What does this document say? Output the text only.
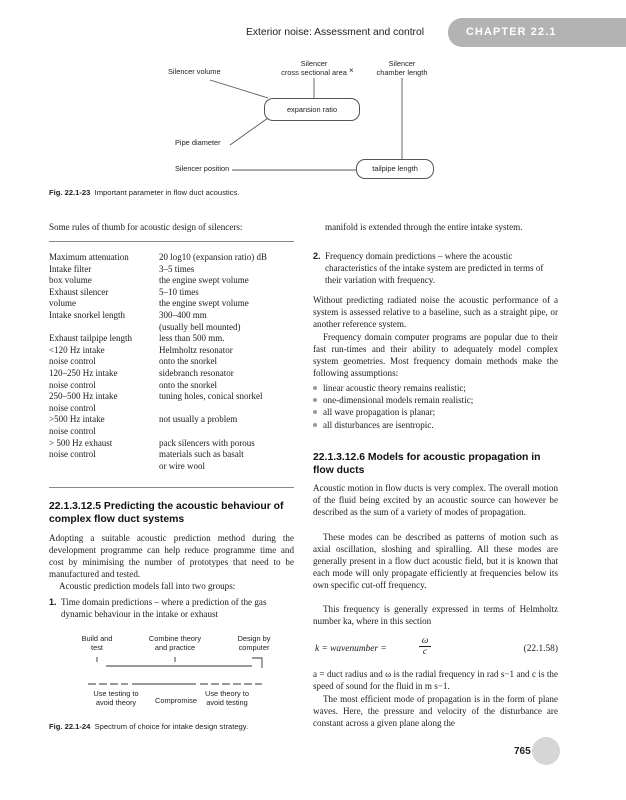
Exterior noise: Assessment and control	CHAPTER 22.1
Silencer volume
Silencer
cross sectional area ×
Silencer
chamber length
expansion ratio
Pipe diameter
Silencer position	tailpipe length
Fig. 22.1-23 Important parameter in flow duct acoustics.
Some rules of thumb for acoustic design of silencers:
Maximum attenuation	20 log10 (expansion ratio) dB
Intake filter	3–5 times
box volume	the engine swept volume
Exhaust silencer	5–10 times
volume	the engine swept volume
Intake snorkel length	300–400 mm
(usually bell mounted)
Exhaust tailpipe length	less than 500 mm.
<120 Hz intake	Helmholtz resonator
noise control	onto the snorkel
120–250 Hz intake	sidebranch resonator
noise control	onto the snorkel
250–500 Hz intake	tuning holes, conical snorkel
noise control
>500 Hz intake	not usually a problem
noise control
> 500 Hz exhaust	pack silencers with porous
noise control	materials such as basalt
or wire wool
22.1.3.12.5 Predicting the acoustic behaviour of complex flow duct systems
Adopting a suitable acoustic prediction method during the development programme can help reduce programme time and cost by minimising the number of prototypes that need to be manufactured and tested.
Acoustic prediction models fall into two groups:
1. Time domain predictions – where a prediction of the gas dynamic behaviour in the intake or exhaust
Build and
test
Combine theory
and practice
Design by
computer
Use testing to
avoid theory	Compromise
Use theory to
avoid testing
Fig. 22.1-24 Spectrum of choice for intake design strategy.
manifold is extended through the entire intake system.
2. Frequency domain predictions – where the acoustic characteristics of the intake system are predicted in terms of their variation with frequency.
Without predicting radiated noise the acoustic performance of a system is assessed relative to a baseline, such as a straight pipe, or another reference system.
Frequency domain computer programs are popular due to their fast run-times and their ability to adequately model complex system geometries. Most frequency domain methods make the following assumptions:
linear acoustic theory remains realistic;
one-dimensional models remain realistic;
all wave propagation is planar;
all disturbances are isentropic.
22.1.3.12.6 Models for acoustic propagation in flow ducts
Acoustic motion in flow ducts is very complex. The overall motion of the fluid being excited by an acoustic source can however be described as the sum of a variety of modes of propagation.
These modes can be described as patterns of motion such as axial oscillation, sloshing and spiralling. All these modes are generally present in a flow duct acoustic field, but it is known that each mode will only propagate efficiently at frequencies below its own specific cut-off frequency.
This frequency is generally expressed in terms of Helmholtz number ka, where in this section
k = wavenumber =	$\frac{\omega}{c}$	(22.1.58)
a = duct radius and ω is the radial frequency in rad s−1 and c is the speed of sound for the fluid in m s−1.
The most efficient mode of propagation is in the form of plane waves. Here, the pressure and velocity of the disturbance are constant across a given plane along the
765
